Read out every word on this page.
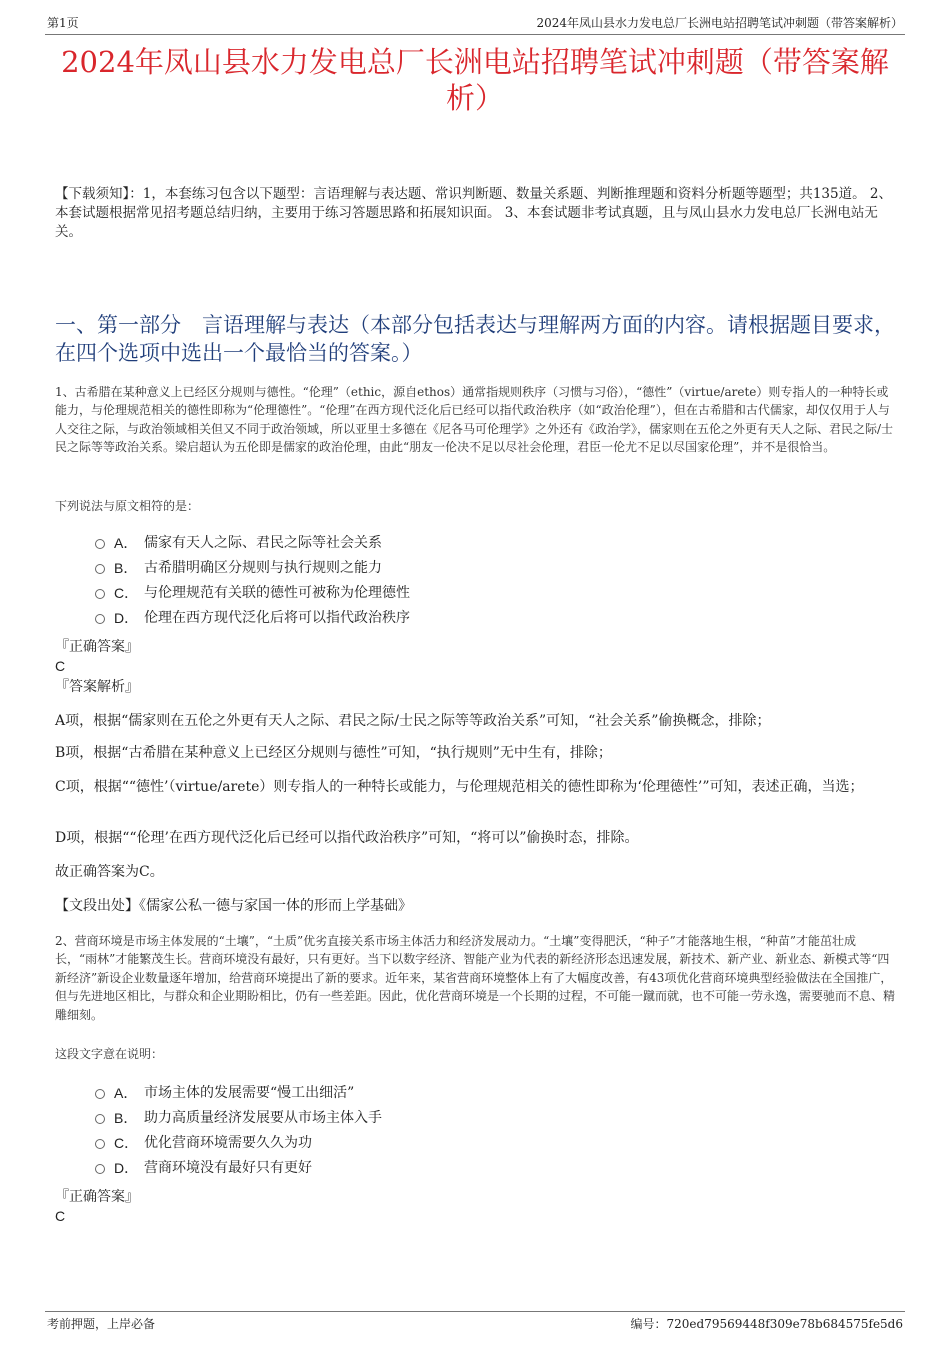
第1页	2024年凤山县水力发电总厂长洲电站招聘笔试冲刺题（带答案解析）
2024年凤山县水力发电总厂长洲电站招聘笔试冲刺题（带答案解析）
【下载须知】：1，本套练习包含以下题型：言语理解与表达题、常识判断题、数量关系题、判断推理题和资料分析题等题型；共135道。 2、本套试题根据常见招考题总结归纳，主要用于练习答题思路和拓展知识面。 3、本套试题非考试真题，且与凤山县水力发电总厂长洲电站无关。
一、第一部分　言语理解与表达（本部分包括表达与理解两方面的内容。请根据题目要求，在四个选项中选出一个最恰当的答案。）
1、古希腊在某种意义上已经区分规则与德性。“伦理”（ethic，源自ethos）通常指规则秩序（习惯与习俗），“德性”（virtue/arete）则专指人的一种特长或能力，与伦理规范相关的德性即称为“伦理德性”。“伦理”在西方现代泛化后已经可以指代政治秩序（如“政治伦理”），但在古希腊和古代儒家，却仅仅用于人与人交往之际，与政治领域相关但又不同于政治领域，所以亚里士多德在《尼各马可伦理学》之外还有《政治学》，儒家则在五伦之外更有天人之际、君民之际/士民之际等等政治关系。梁启超认为五伦即是儒家的政治伦理，由此“朋友一伦决不足以尽社会伦理，君臣一伦尤不足以尽国家伦理”，并不是很恰当。
下列说法与原文相符的是：
A． 儒家有天人之际、君民之际等社会关系
B． 古希腊明确区分规则与执行规则之能力
C． 与伦理规范有关联的德性可被称为伦理德性
D． 伦理在西方现代泛化后将可以指代政治秩序
『正确答案』
C
『答案解析』
A项，根据“儒家则在五伦之外更有天人之际、君民之际/士民之际等等政治关系”可知，“社会关系”偷换概念，排除；
B项，根据“古希腊在某种意义上已经区分规则与德性”可知，“执行规则”无中生有，排除；
C项，根据““德性’（virtue/arete）则专指人的一种特长或能力，与伦理规范相关的德性即称为‘伦理德性’”可知，表述正确，当选；
D项，根据““伦理’在西方现代泛化后已经可以指代政治秩序”可知，“将可以”偷换时态，排除。
故正确答案为C。
【文段出处】《儒家公私一德与家国一体的形而上学基础》
2、营商环境是市场主体发展的“土壤”，“土质”优劣直接关系市场主体活力和经济发展动力。“土壤”变得肥沃，“种子”才能落地生根，“种苗”才能茁壮成长，“雨林”才能繁茂生长。营商环境没有最好，只有更好。当下以数字经济、智能产业为代表的新经济形态迅速发展，新技术、新产业、新业态、新模式等“四新经济”新设企业数量逐年增加，给营商环境提出了新的要求。近年来，某省营商环境整体上有了大幅度改善，有43项优化营商环境典型经验做法在全国推广，但与先进地区相比，与群众和企业期盼相比，仍有一些差距。因此，优化营商环境是一个长期的过程，不可能一蹴而就，也不可能一劳永逸，需要驰而不息、精雕细刻。
这段文字意在说明：
A． 市场主体的发展需要“慢工出细活”
B． 助力高质量经济发展要从市场主体入手
C． 优化营商环境需要久久为功
D． 营商环境没有最好只有更好
『正确答案』
C
考前押题，上岸必备	编号：720ed79569448f309e78b684575fe5d6
